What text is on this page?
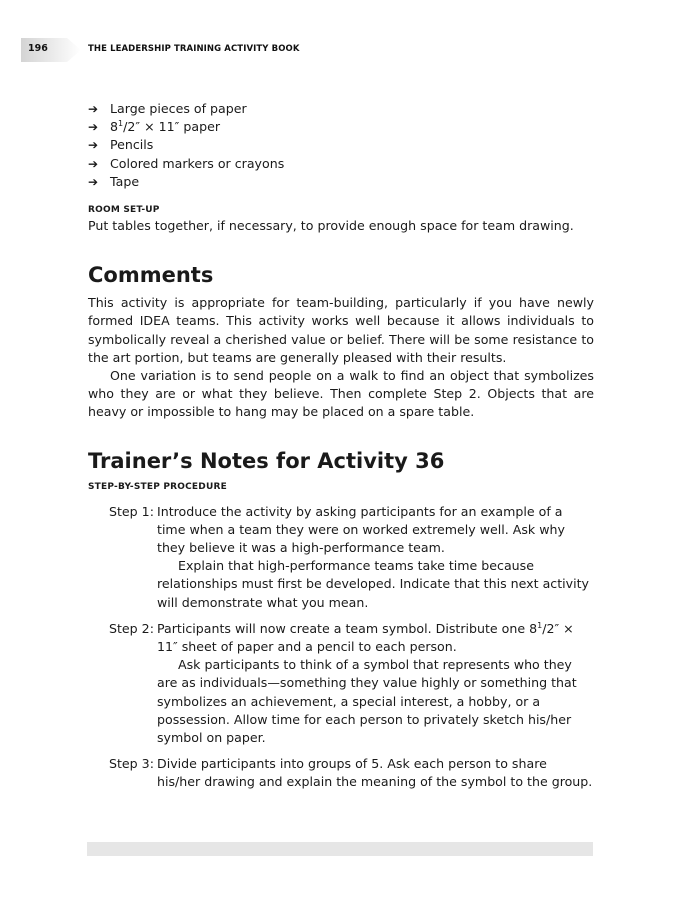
196	THE LEADERSHIP TRAINING ACTIVITY BOOK
➔ Large pieces of paper
➔ $8^1/2'' \times 11''$ paper
➔ Pencils
➔ Colored markers or crayons
➔ Tape
ROOM SET-UP

Put tables together, if necessary, to provide enough space for team drawing.

Comments

This activity is appropriate for team-building, particularly if you have newly formed IDEA teams. This activity works well because it allows individuals to symbolically reveal a cherished value or belief. There will be some resistance to the art portion, but teams are generally pleased with their results.

One variation is to send people on a walk to find an object that symbolizes who they are or what they believe. Then complete Step 2. Objects that are heavy or impossible to hang may be placed on a spare table.

Trainer’s Notes for Activity 36
STEP-BY-STEP PROCEDURE
Step 1: Introduce the activity by asking participants for an example of a time when a team they were on worked extremely well. Ask why they believe it was a high-performance team.

Explain that high-performance teams take time because relationships must first be developed. Indicate that this next activity will demonstrate what you mean.

Step 2: Participants will now create a team symbol. Distribute one $8^1/2'' \times 11''$ sheet of paper and a pencil to each person.

Ask participants to think of a symbol that represents who they are as individuals—something they value highly or something that symbolizes an achievement, a special interest, a hobby, or a possession. Allow time for each person to privately sketch his/her symbol on paper.

Step 3: Divide participants into groups of 5. Ask each person to share his/her drawing and explain the meaning of the symbol to the group.
